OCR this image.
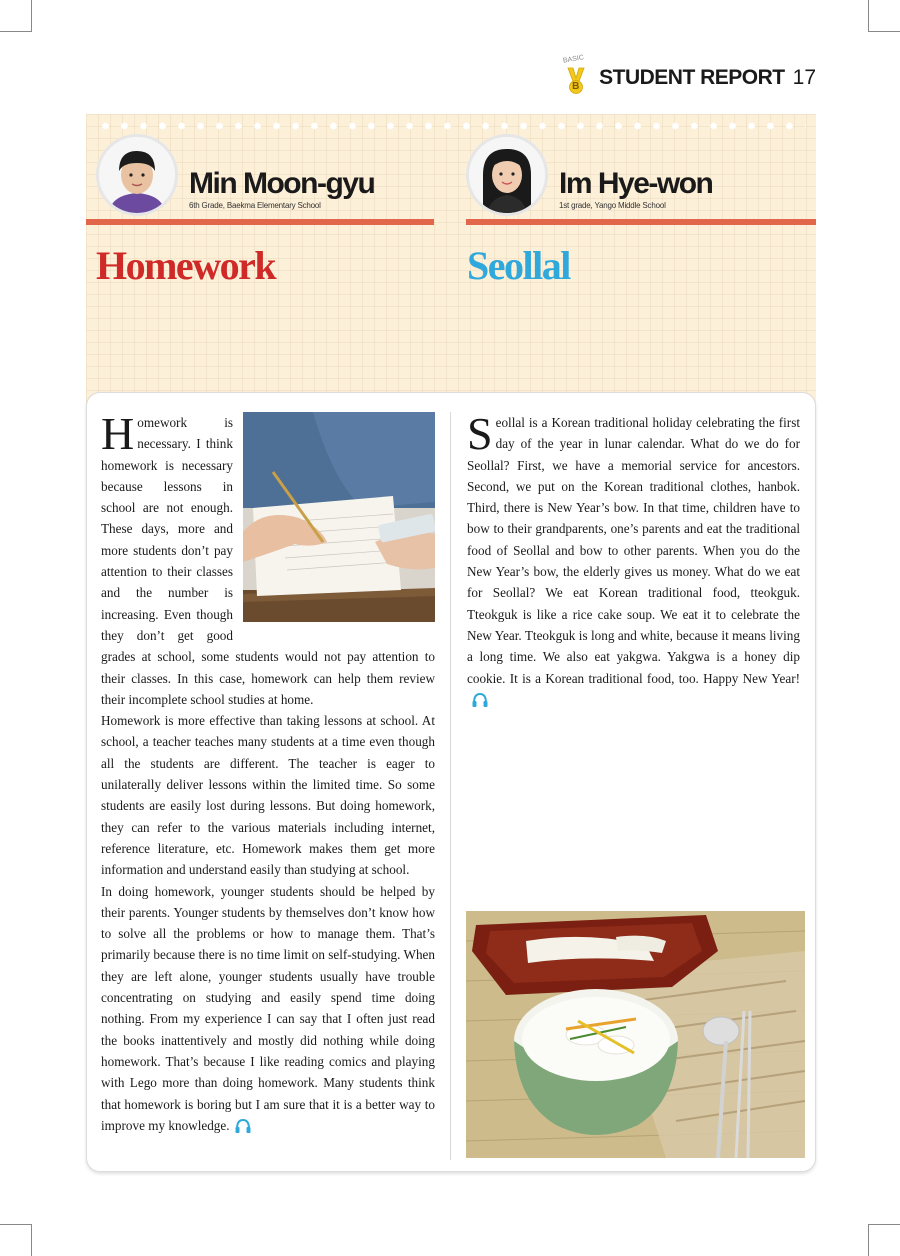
BASIC
B STUDENT REPORT 17
Min Moon-gyu
6th Grade, Baekma Elementary School
Im Hye-won
1st grade, Yango Middle School
Homework	Seollal
H omework is necessary. I think homework is necessary because lessons in school are not enough. These days, more and more students don’t pay attention to their classes and the number is increasing. Even though they don’t get good grades at school, some students would not pay attention to their classes. In this case, homework can help them review their incomplete school studies at home.

Homework is more effective than taking lessons at school. At school, a teacher teaches many students at a time even though all the students are different. The teacher is eager to unilaterally deliver lessons within the limited time. So some students are easily lost during lessons. But doing homework, they can refer to the various materials including internet, reference literature, etc. Homework makes them get more information and understand easily than studying at school.

In doing homework, younger students should be helped by their parents. Younger students by themselves don’t know how to solve all the problems or how to manage them. That’s primarily because there is no time limit on self-studying. When they are left alone, younger students usually have trouble concentrating on studying and easily spend time doing nothing. From my experience I can say that I often just read the books inattentively and mostly did nothing while doing homework. That’s because I like reading comics and playing with Lego more than doing homework. Many students think that homework is boring but I am sure that it is a better way to improve my knowledge.

S eollal is a Korean traditional holiday celebrating the first day of the year in lunar calendar. What do we do for Seollal? First, we have a memorial service for ancestors. Second, we put on the Korean traditional clothes, hanbok. Third, there is New Year’s bow. In that time, children have to bow to their grandparents, one’s parents and eat the traditional food of Seollal and bow to other parents. When you do the New Year’s bow, the elderly gives us money. What do we eat for Seollal? We eat Korean traditional food, tteokguk. Tteokguk is like a rice cake soup. We eat it to celebrate the New Year. Tteokguk is long and white, because it means living a long time. We also eat yakgwa. Yakgwa is a honey dip cookie. It is a Korean traditional food, too. Happy New Year!
